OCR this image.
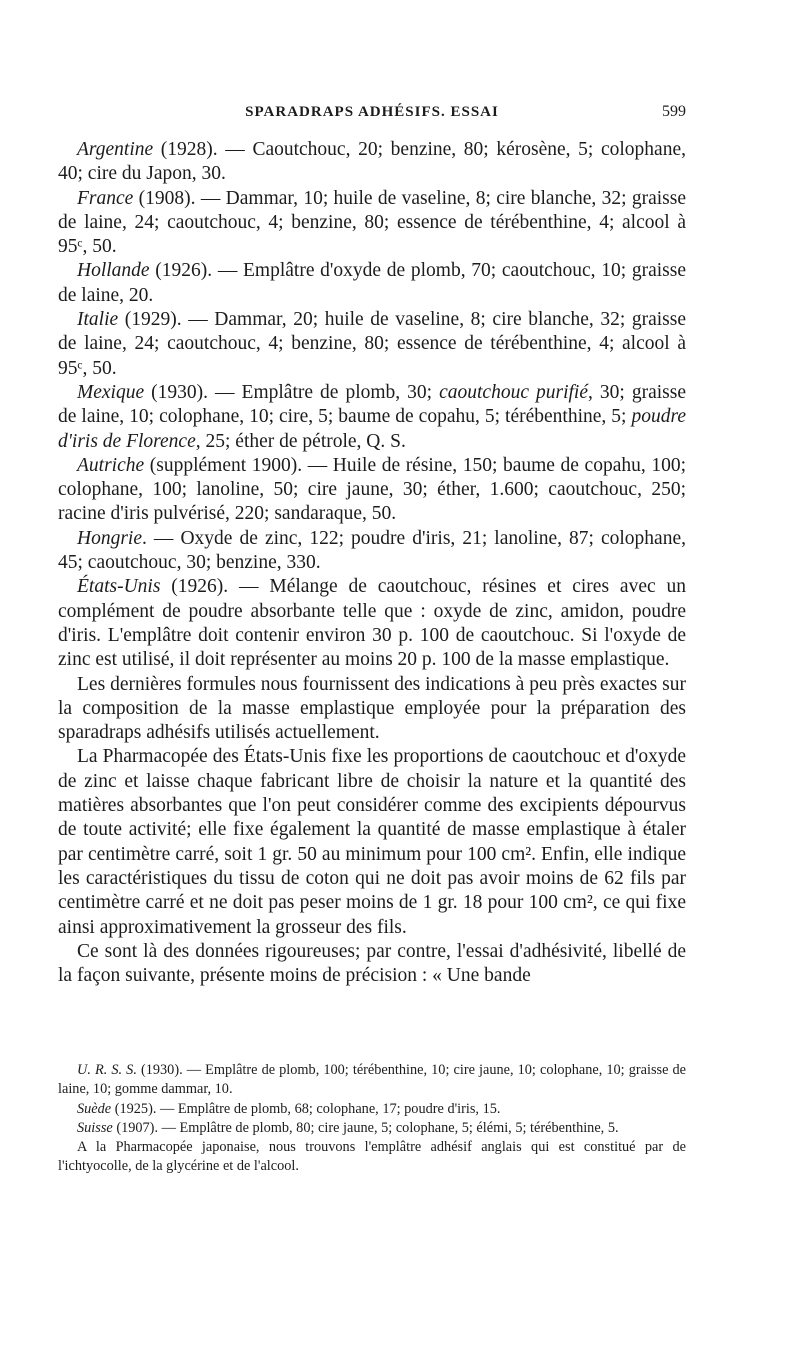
SPARADRAPS ADHÉSIFS. ESSAI	599

Argentine (1928). — Caoutchouc, 20; benzine, 80; kérosène, 5; colophane, 40; cire du Japon, 30.

France (1908). — Dammar, 10; huile de vaseline, 8; cire blanche, 32; graisse de laine, 24; caoutchouc, 4; benzine, 80; essence de térébenthine, 4; alcool à 95ᶜ, 50.

Hollande (1926). — Emplâtre d'oxyde de plomb, 70; caoutchouc, 10; graisse de laine, 20.

Italie (1929). — Dammar, 20; huile de vaseline, 8; cire blanche, 32; graisse de laine, 24; caoutchouc, 4; benzine, 80; essence de térébenthine, 4; alcool à 95ᶜ, 50.

Mexique (1930). — Emplâtre de plomb, 30; caoutchouc purifié, 30; graisse de laine, 10; colophane, 10; cire, 5; baume de copahu, 5; térébenthine, 5; poudre d'iris de Florence, 25; éther de pétrole, Q. S.

Autriche (supplément 1900). — Huile de résine, 150; baume de copahu, 100; colophane, 100; lanoline, 50; cire jaune, 30; éther, 1.600; caoutchouc, 250; racine d'iris pulvérisé, 220; sandaraque, 50.

Hongrie. — Oxyde de zinc, 122; poudre d'iris, 21; lanoline, 87; colophane, 45; caoutchouc, 30; benzine, 330.

États-Unis (1926). — Mélange de caoutchouc, résines et cires avec un complément de poudre absorbante telle que : oxyde de zinc, amidon, poudre d'iris. L'emplâtre doit contenir environ 30 p. 100 de caoutchouc. Si l'oxyde de zinc est utilisé, il doit représenter au moins 20 p. 100 de la masse emplastique.

Les dernières formules nous fournissent des indications à peu près exactes sur la composition de la masse emplastique employée pour la préparation des sparadraps adhésifs utilisés actuellement.

La Pharmacopée des États-Unis fixe les proportions de caoutchouc et d'oxyde de zinc et laisse chaque fabricant libre de choisir la nature et la quantité des matières absorbantes que l'on peut considérer comme des excipients dépourvus de toute activité; elle fixe également la quantité de masse emplastique à étaler par centimètre carré, soit 1 gr. 50 au minimum pour 100 cm². Enfin, elle indique les caractéristiques du tissu de coton qui ne doit pas avoir moins de 62 fils par centimètre carré et ne doit pas peser moins de 1 gr. 18 pour 100 cm², ce qui fixe ainsi approximativement la grosseur des fils.

Ce sont là des données rigoureuses; par contre, l'essai d'adhésivité, libellé de la façon suivante, présente moins de précision : « Une bande

U. R. S. S. (1930). — Emplâtre de plomb, 100; térébenthine, 10; cire jaune, 10; colophane, 10; graisse de laine, 10; gomme dammar, 10.

Suède (1925). — Emplâtre de plomb, 68; colophane, 17; poudre d'iris, 15.

Suisse (1907). — Emplâtre de plomb, 80; cire jaune, 5; colophane, 5; élémi, 5; térébenthine, 5.

A la Pharmacopée japonaise, nous trouvons l'emplâtre adhésif anglais qui est constitué par de l'ichtyocolle, de la glycérine et de l'alcool.
